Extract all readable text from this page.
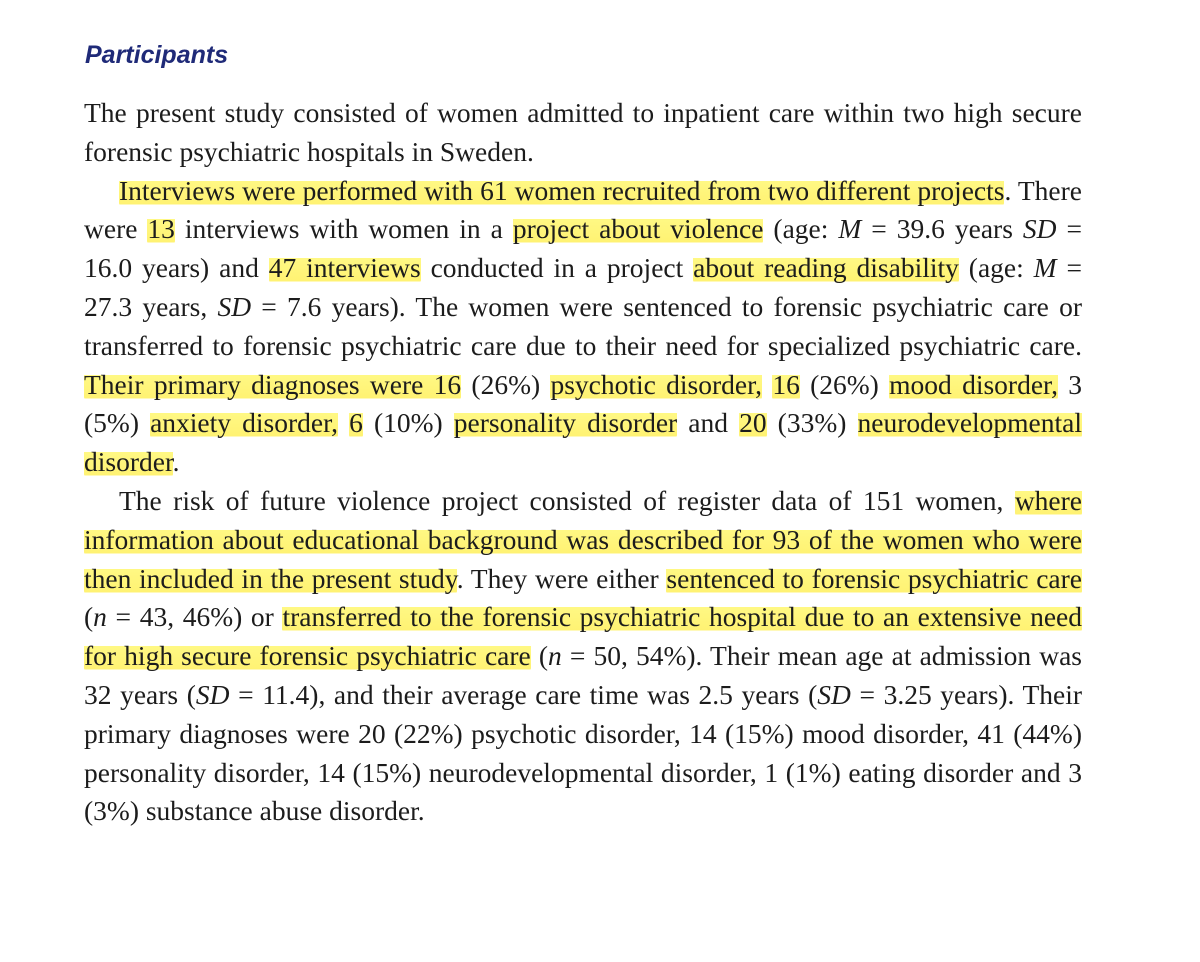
Participants

The present study consisted of women admitted to inpatient care within two high secure forensic psychiatric hospitals in Sweden.

Interviews were performed with 61 women recruited from two different projects. There were 13 interviews with women in a project about violence (age: M = 39.6 years SD = 16.0 years) and 47 interviews conducted in a project about reading disability (age: M = 27.3 years, SD = 7.6 years). The women were sentenced to forensic psychiatric care or transferred to forensic psychiatric care due to their need for specialized psychiatric care. Their primary diagnoses were 16 (26%) psychotic disorder, 16 (26%) mood disorder, 3 (5%) anxiety disorder, 6 (10%) personality disorder and 20 (33%) neurodevelopmental disorder.

The risk of future violence project consisted of register data of 151 women, where information about educational background was described for 93 of the women who were then included in the present study. They were either sentenced to forensic psychiatric care (n = 43, 46%) or transferred to the forensic psychiatric hospital due to an extensive need for high secure forensic psychiatric care (n = 50, 54%). Their mean age at admission was 32 years (SD = 11.4), and their average care time was 2.5 years (SD = 3.25 years). Their primary diagnoses were 20 (22%) psychotic disorder, 14 (15%) mood disorder, 41 (44%) personality disorder, 14 (15%) neurodevelopmental disorder, 1 (1%) eating disorder and 3 (3%) substance abuse disorder.
